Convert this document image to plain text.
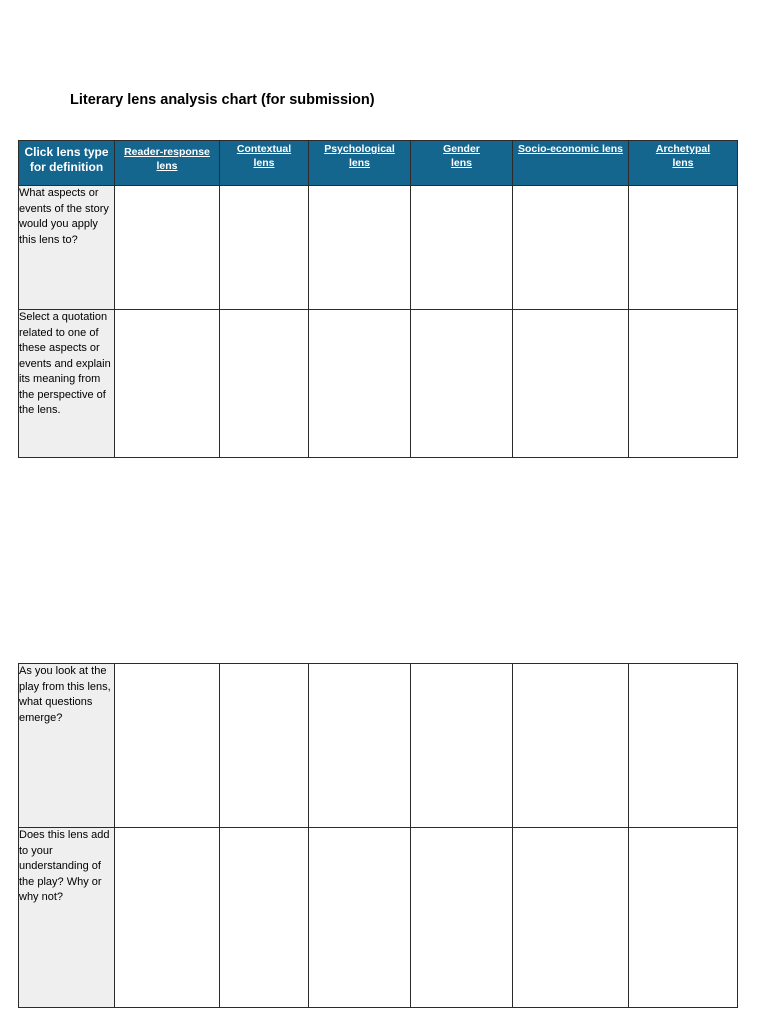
Literary lens analysis chart (for submission)
Click lens type for definition	Reader-response lens	Contextual lens	Psychological lens	Gender lens	Socio-economic lens	Archetypal lens
What aspects or events of the story would you apply this lens to?						
Select a quotation related to one of these aspects or events and explain its meaning from the perspective of the lens.						
As you look at the play from this lens, what questions emerge?						
Does this lens add to your understanding of the play? Why or why not?						
